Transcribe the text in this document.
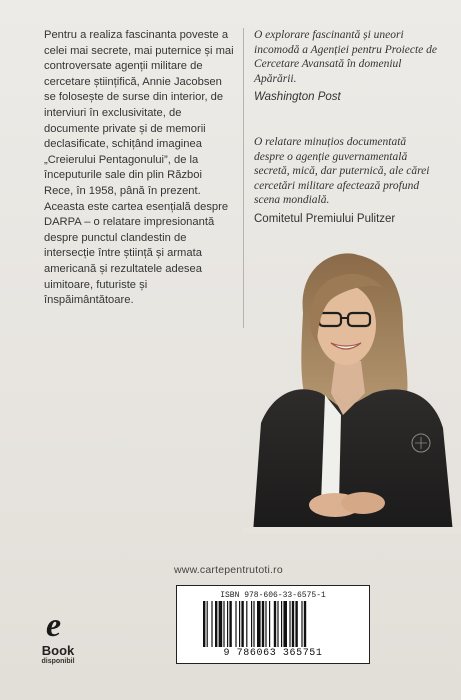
Pentru a realiza fascinanta poveste a celei mai secrete, mai puternice și mai controversate agenții militare de cercetare științifică, Annie Jacobsen se folosește de surse din interior, de interviuri în exclusivitate, de documente private și de memorii declasificate, schițând imaginea „Creierului Pentagonului”, de la începuturile sale din plin Război Rece, în 1958, până în prezent. Aceasta este cartea esențială despre DARPA – o relatare impresionantă despre punctul clandestin de intersecție între știință și armata americană și rezultatele adesea uimitoare, futuriste și înspăimântătoare.

O explorare fascinantă și uneori incomodă a Agenției pentru Proiecte de Cercetare Avansată în domeniul Apărării.
Washington Post
O relatare minuțios documentată despre o agenție guvernamentală secretă, mică, dar puternică, ale cărei cercetări militare afectează profund scena mondială.
Comitetul Premiului Pulitzer
www.cartepentrutoti.ro
e
Book
disponibil
ISBN 978-606-33-6575-1
9 786063 365751
